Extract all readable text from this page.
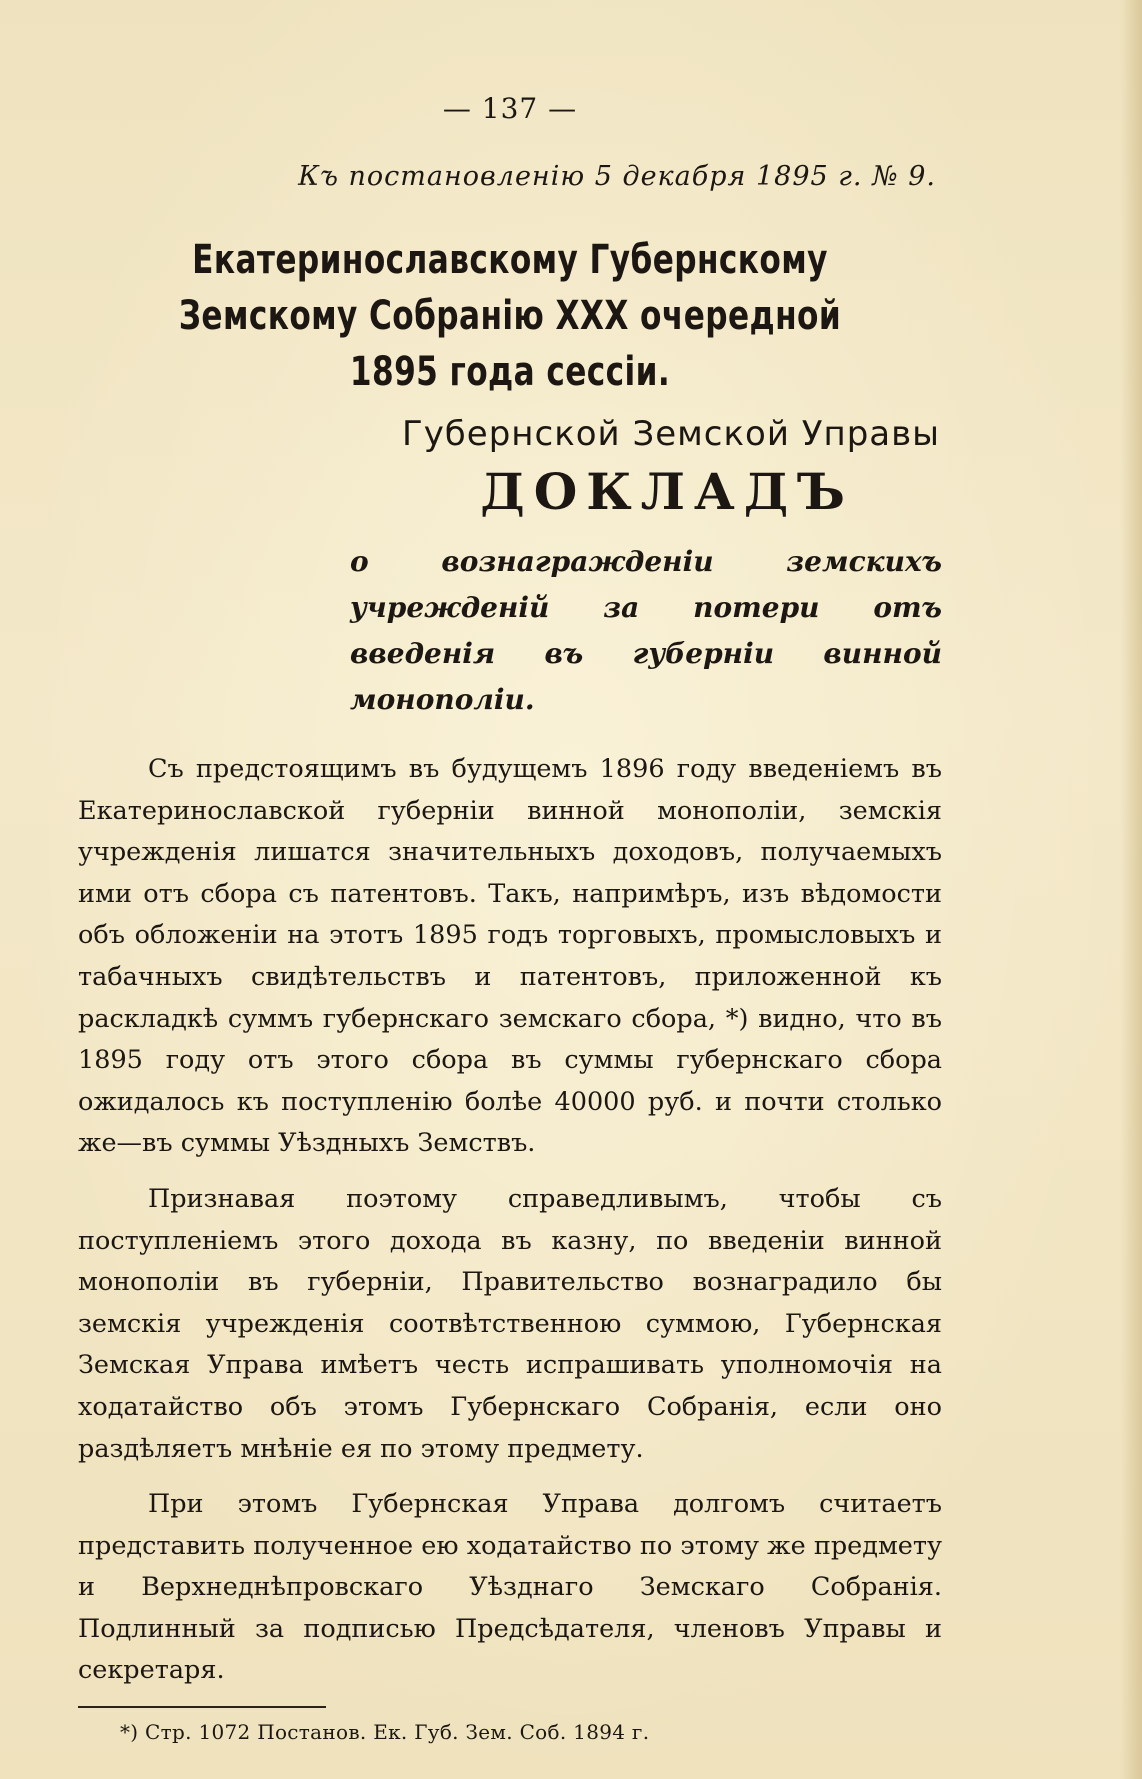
— 137 —
Къ постановленію 5 декабря 1895 г. № 9.
Екатеринославскому Губернскому Земскому Собранію XXX очередной 1895 года сессіи.
Губернской Земской Управы
ДОКЛАДЪ
о вознагражденіи земскихъ учрежденій за потери отъ введенія въ губерніи винной монополіи.

Съ предстоящимъ въ будущемъ 1896 году введеніемъ въ Екатеринославской губерніи винной монополіи, земскія учрежденія лишатся значительныхъ доходовъ, получаемыхъ ими отъ сбора съ патентовъ. Такъ, напримѣръ, изъ вѣдомости объ обложеніи на этотъ 1895 годъ торговыхъ, промысловыхъ и табачныхъ свидѣтельствъ и патентовъ, приложенной къ раскладкѣ суммъ губернскаго земскаго сбора, *) видно, что въ 1895 году отъ этого сбора въ суммы губернскаго сбора ожидалось къ поступленію болѣе 40000 руб. и почти столько же—въ суммы Уѣздныхъ Земствъ.

Признавая поэтому справедливымъ, чтобы съ поступленіемъ этого дохода въ казну, по введеніи винной монополіи въ губерніи, Правительство вознаградило бы земскія учрежденія соотвѣтственною суммою, Губернская Земская Управа имѣетъ честь испрашивать уполномочія на ходатайство объ этомъ Губернскаго Собранія, если оно раздѣляетъ мнѣніе ея по этому предмету.

При этомъ Губернская Управа долгомъ считаетъ представить полученное ею ходатайство по этому же предмету и Верхнеднѣпровскаго Уѣзднаго Земскаго Собранія. Подлинный за подписью Предсѣдателя, членовъ Управы и секретаря.

*) Стр. 1072 Постанов. Ек. Губ. Зем. Соб. 1894 г.
